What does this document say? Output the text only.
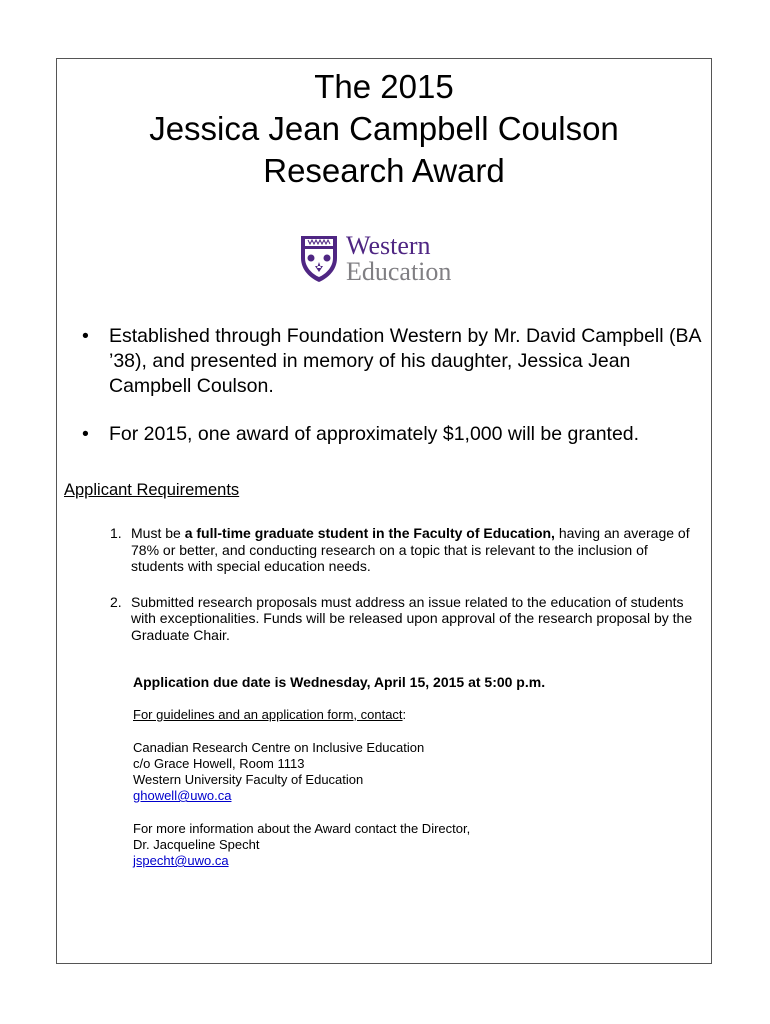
The 2015
Jessica Jean Campbell Coulson
Research Award
Western
Education
• Established through Foundation Western by Mr. David Campbell (BA ’38), and presented in memory of his daughter, Jessica Jean Campbell Coulson.
• For 2015, one award of approximately $1,000 will be granted.
Applicant Requirements
1. Must be a full-time graduate student in the Faculty of Education, having an average of 78% or better, and conducting research on a topic that is relevant to the inclusion of students with special education needs.
2. Submitted research proposals must address an issue related to the education of students with exceptionalities. Funds will be released upon approval of the research proposal by the Graduate Chair.
Application due date is Wednesday, April 15, 2015 at 5:00 p.m.
For guidelines and an application form, contact:
Canadian Research Centre on Inclusive Education
c/o Grace Howell, Room 1113
Western University Faculty of Education
ghowell@uwo.ca
For more information about the Award contact the Director,
Dr. Jacqueline Specht
jspecht@uwo.ca
